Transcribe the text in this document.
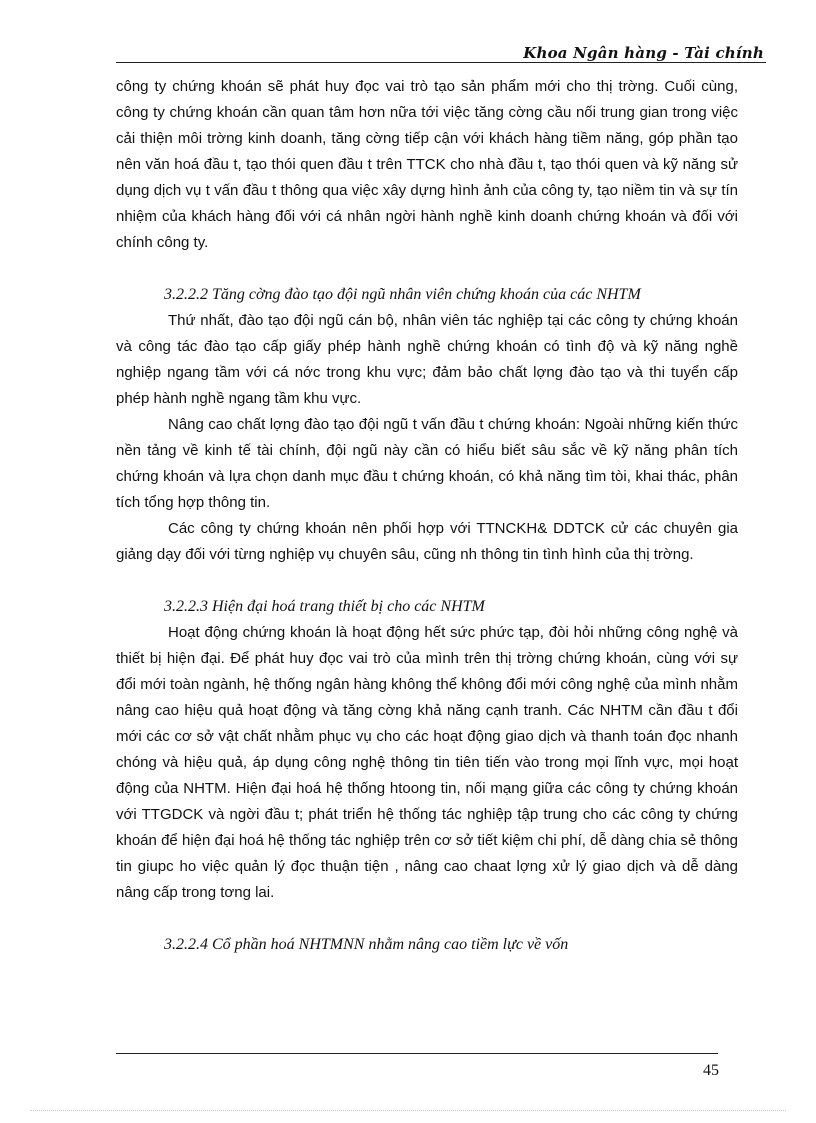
Khoa Ngân hàng - Tài chính

công ty chứng khoán sẽ phát huy đọc vai trò tạo sản phẩm mới cho thị trờng. Cuối cùng, công ty chứng khoán cần quan tâm hơn nữa tới việc tăng cờng cầu nối trung gian trong việc cải thiện môi trờng kinh doanh, tăng cờng tiếp cận với khách hàng tiềm năng, góp phần tạo nên văn hoá đầu t, tạo thói quen đầu t trên TTCK cho nhà đầu t, tạo thói quen và kỹ năng sử dụng dịch vụ t vấn đầu t thông qua việc xây dựng hình ảnh của công ty, tạo niềm tin và sự tín nhiệm của khách hàng đối với cá nhân ngời hành nghề kinh doanh chứng khoán và đối với chính công ty.

3.2.2.2 Tăng cờng đào tạo đội ngũ nhân viên chứng khoán của các NHTM

Thứ nhất, đào tạo đội ngũ cán bộ, nhân viên tác nghiệp tại các công ty chứng khoán và công tác đào tạo cấp giấy phép hành nghề chứng khoán có tình độ và kỹ năng nghề nghiệp ngang tầm với cá nớc trong khu vực; đảm bảo chất lợng đào tạo và thi tuyển cấp phép hành nghề ngang tầm khu vực.

Nâng cao chất lợng đào tạo đội ngũ t vấn đầu t chứng khoán: Ngoài những kiến thức nền tảng về kinh tế tài chính, đội ngũ này cần có hiểu biết sâu sắc về kỹ năng phân tích chứng khoán và lựa chọn danh mục đầu t chứng khoán, có khả năng tìm tòi, khai thác, phân tích tổng hợp thông tin.

Các công ty chứng khoán nên phối hợp với TTNCKH& DDTCK cử các chuyên gia giảng dạy đối với từng nghiệp vụ chuyên sâu, cũng nh thông tin tình hình của thị trờng.

3.2.2.3 Hiện đại hoá trang thiết bị cho các NHTM

Hoạt động chứng khoán là hoạt động hết sức phức tạp, đòi hỏi những công nghệ và thiết bị hiện đại. Để phát huy đọc vai trò của mình trên thị trờng chứng khoán, cùng với sự đổi mới toàn ngành, hệ thống ngân hàng không thể không đổi mới công nghệ của mình nhằm nâng cao hiệu quả hoạt động và tăng cờng khả năng cạnh tranh. Các NHTM cần đầu t đổi mới các cơ sở vật chất nhằm phục vụ cho các hoạt động giao dịch và thanh toán đọc nhanh chóng và hiệu quả, áp dụng công nghệ thông tin tiên tiến vào trong mọi lĩnh vực, mọi hoạt động của NHTM. Hiện đại hoá hệ thống htoong tin, nối mạng giữa các công ty chứng khoán với TTGDCK và ngời đầu t; phát triển hệ thống tác nghiệp tập trung cho các công ty chứng khoán để hiện đại hoá hệ thống tác nghiệp trên cơ sở tiết kiệm chi phí, dễ dàng chia sẻ thông tin giupc ho việc quản lý đọc thuận tiện , nâng cao chaat lợng xử lý giao dịch và dễ dàng nâng cấp trong tơng lai.

3.2.2.4 Cổ phần hoá NHTMNN nhằm nâng cao tiềm lực về vốn

45
